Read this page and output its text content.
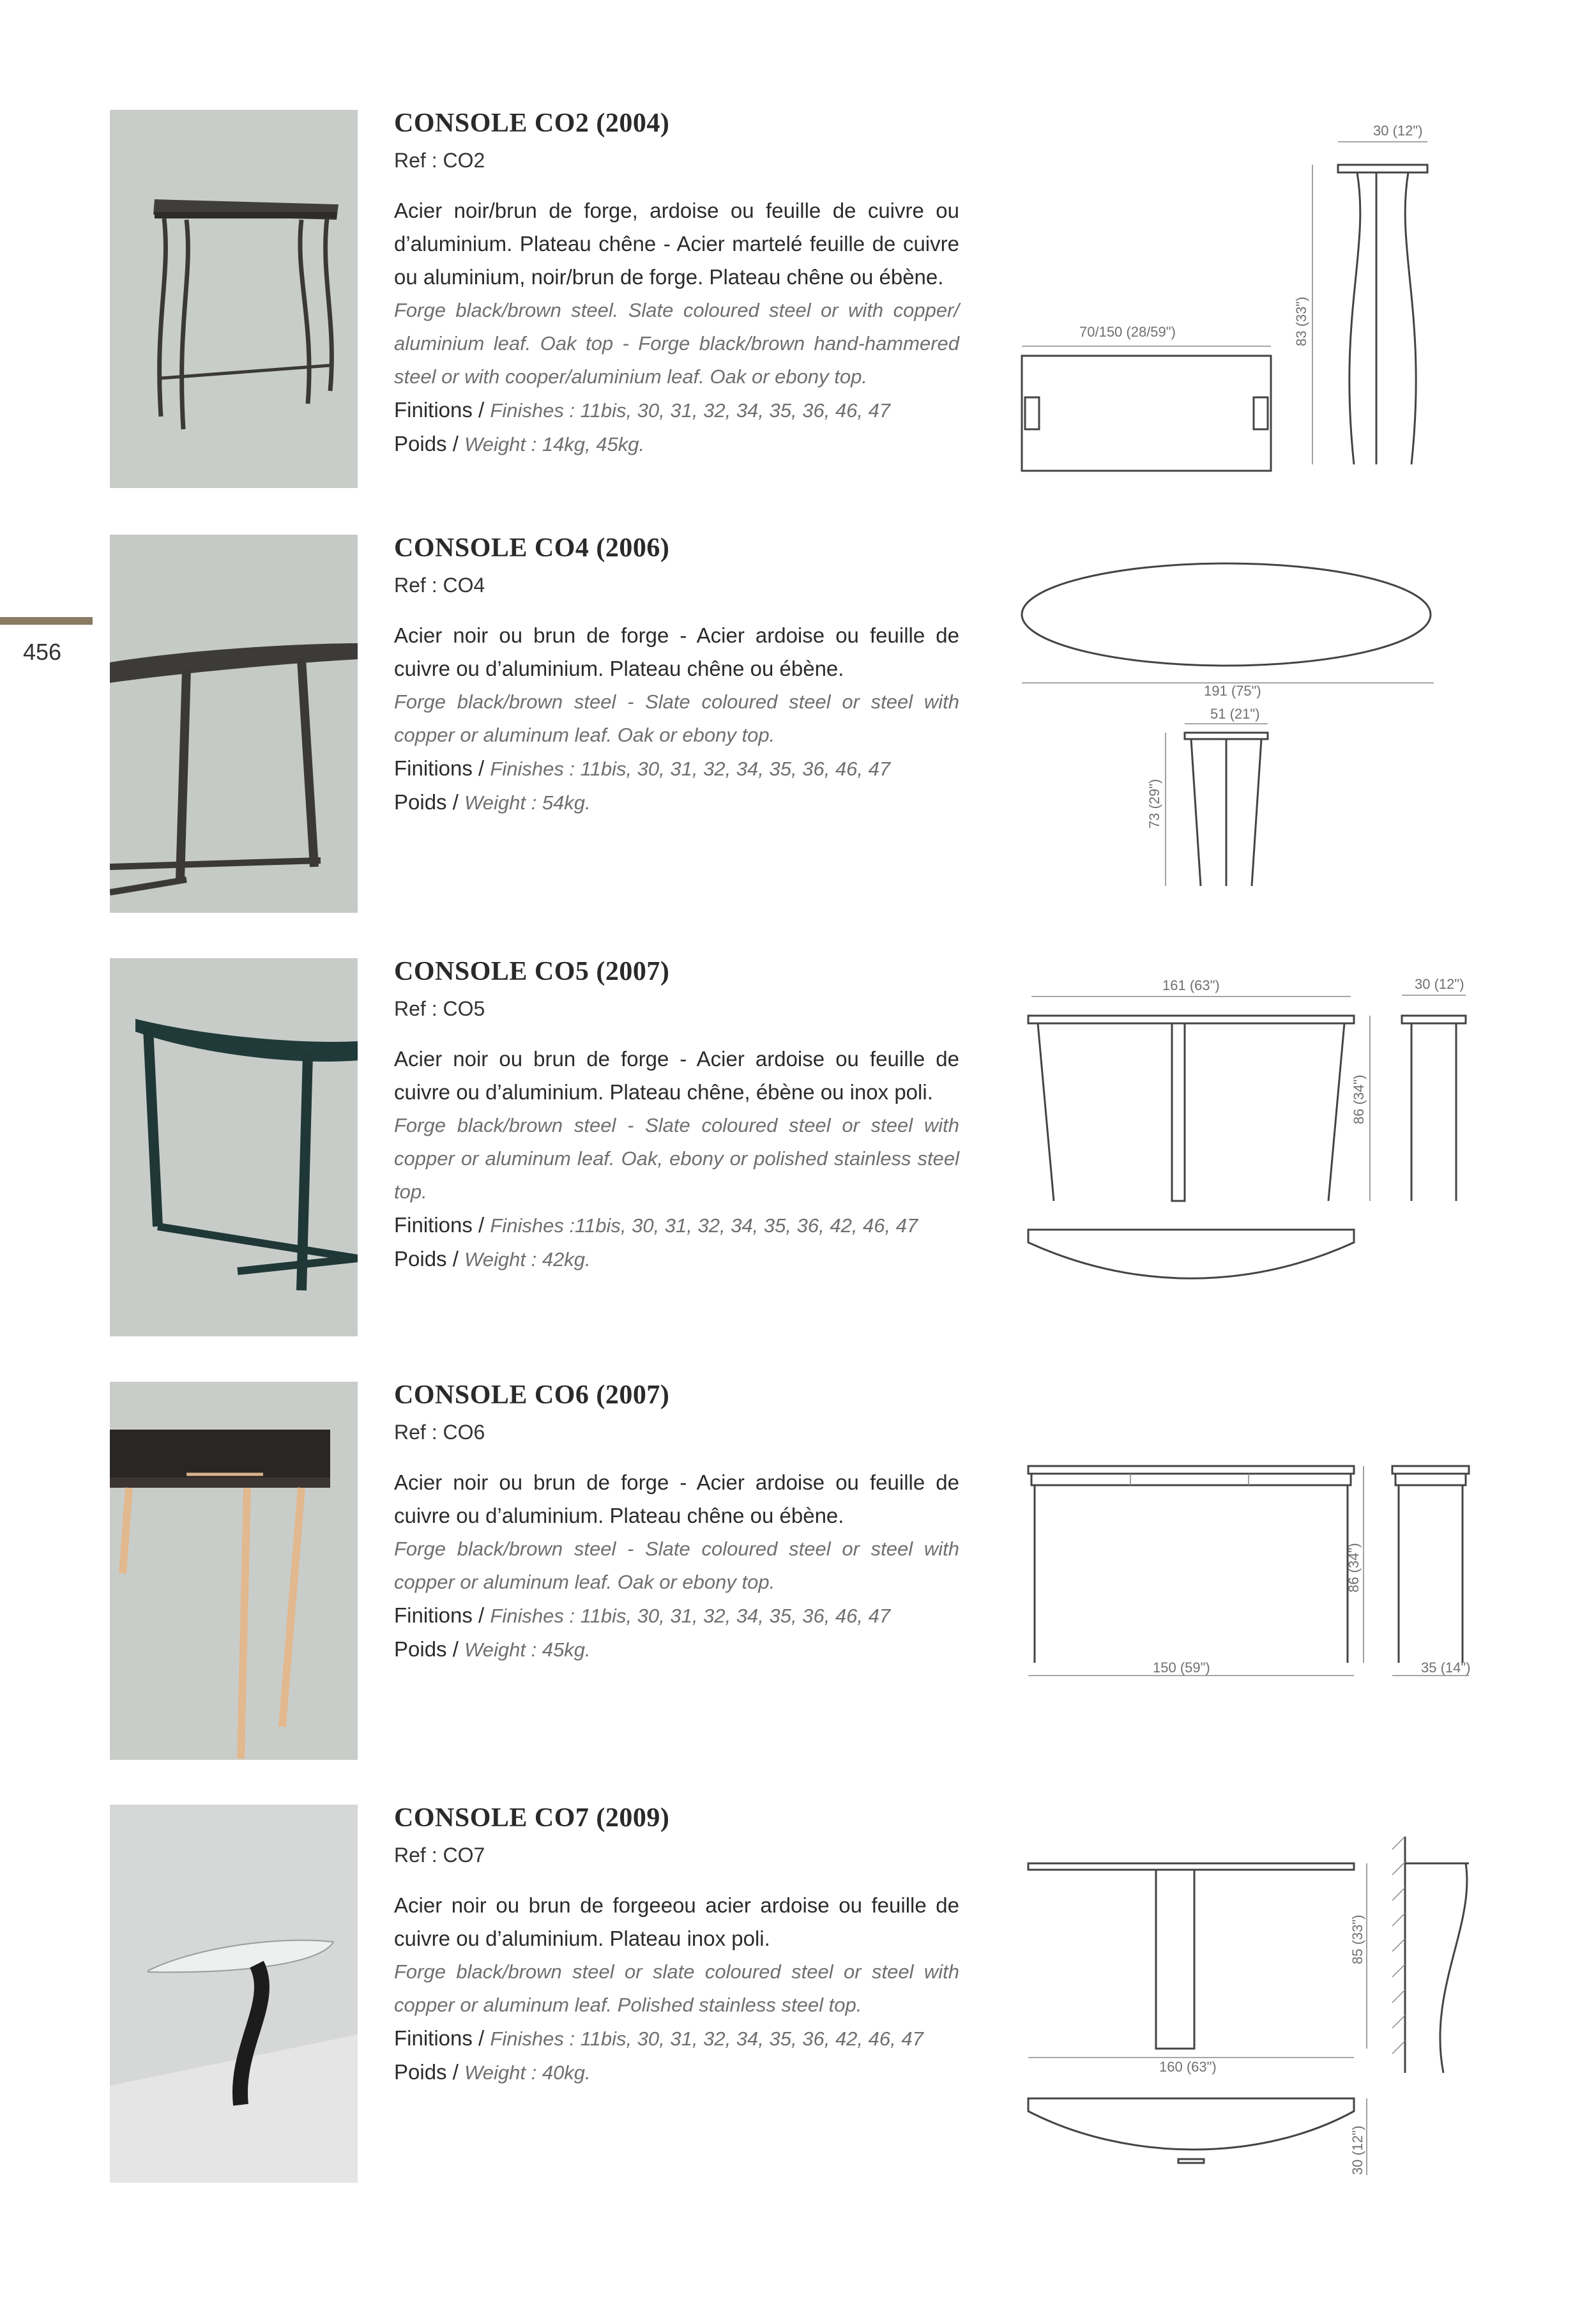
456
CONSOLE CO2 (2004)
Ref : CO2
Acier noir/brun de forge, ardoise ou feuille de cuivre ou d’aluminium. Plateau chêne - Acier martelé feuille de cuivre ou aluminium, noir/brun de forge. Plateau chêne ou ébène.
Forge black/brown steel. Slate coloured steel or with copper/ aluminium leaf. Oak top - Forge black/brown hand-hammered steel or with cooper/aluminium leaf. Oak or ebony top.
Finitions / Finishes : 11bis, 30, 31, 32, 34, 35, 36, 46, 47
Poids / Weight : 14kg, 45kg.
70/150 (28/59")
30 (12")
83 (33")
CONSOLE CO4 (2006)
Ref : CO4
Acier noir ou brun de forge - Acier ardoise ou feuille de cuivre ou d’aluminium. Plateau chêne ou ébène.
Forge black/brown steel - Slate coloured steel or steel with copper or aluminum leaf. Oak or ebony top.
Finitions / Finishes : 11bis, 30, 31, 32, 34, 35, 36, 46, 47
Poids / Weight : 54kg.
191 (75")
51 (21")
73 (29")
CONSOLE CO5 (2007)
Ref : CO5
Acier noir ou brun de forge - Acier ardoise ou feuille de cuivre ou d’aluminium. Plateau chêne, ébène ou inox poli.
Forge black/brown steel - Slate coloured steel or steel with copper or aluminum leaf. Oak, ebony or polished stainless steel top.
Finitions / Finishes :11bis, 30, 31, 32, 34, 35, 36, 42, 46, 47
Poids / Weight : 42kg.
161 (63")
86 (34")
30 (12")
CONSOLE CO6 (2007)
Ref : CO6
Acier noir ou brun de forge - Acier ardoise ou feuille de cuivre ou d’aluminium. Plateau chêne ou ébène.
Forge black/brown steel - Slate coloured steel or steel with copper or aluminum leaf. Oak or ebony top.
Finitions / Finishes : 11bis, 30, 31, 32, 34, 35, 36, 46, 47
Poids / Weight : 45kg.
86 (34")
150 (59")	35 (14")
CONSOLE CO7 (2009)
Ref : CO7
Acier noir ou brun de forgeeou acier ardoise ou feuille de cuivre ou d’aluminium. Plateau inox poli.
Forge black/brown steel or slate coloured steel or steel with copper or aluminum leaf. Polished stainless steel top.
Finitions / Finishes : 11bis, 30, 31, 32, 34, 35, 36, 42, 46, 47
Poids / Weight : 40kg.	160 (63")
85 (33")
30 (12")
